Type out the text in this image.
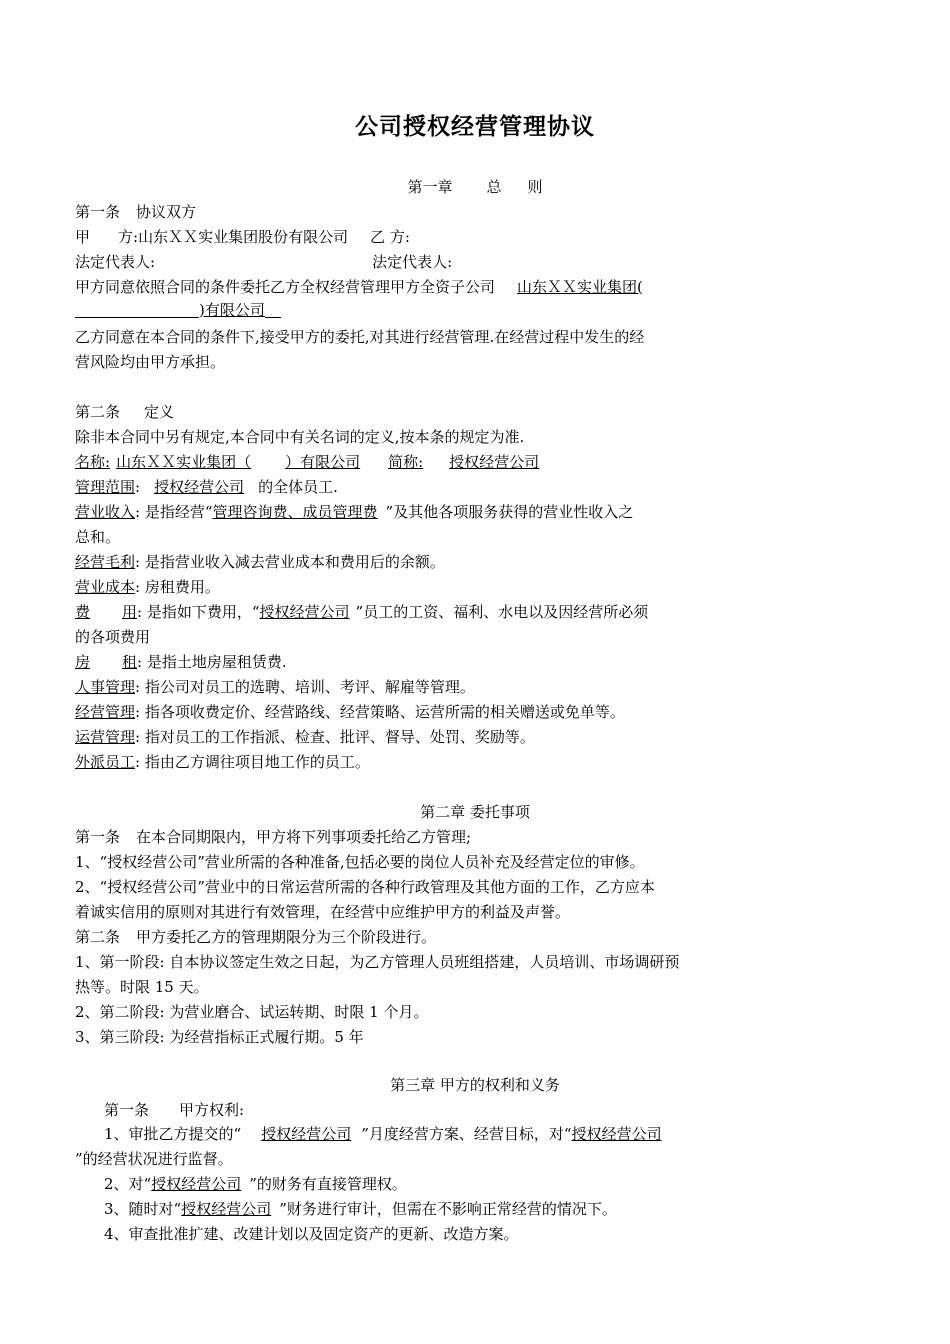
公司授权经营管理协议
第一章 总 则
第一条 协议双方
甲 方:山东ＸＸ实业集团股份有限公司 乙 方:
法定代表人:	法定代表人:
甲方同意依照合同的条件委托乙方全权经营管理甲方全资子公司 山东ＸＸ实业集团(
)有限公司
乙方同意在本合同的条件下,接受甲方的委托,对其进行经营管理.在经营过程中发生的经
营风险均由甲方承担。
第二条 定义
除非本合同中另有规定,本合同中有关名词的定义,按本条的规定为准.
名称: 山东ＸＸ实业集团（ ）有限公司 简称: 授权经营公司
管理范围: 授权经营公司 的全体员工.
营业收入: 是指经营“管理咨询费、成员管理费 ”及其他各项服务获得的营业性收入之
总和。
经营毛利: 是指营业收入减去营业成本和费用后的余额。
营业成本: 房租费用。
费 用: 是指如下费用，“授权经营公司 ”员工的工资、福利、水电以及因经营所必须
的各项费用
房 租: 是指土地房屋租赁费.
人事管理: 指公司对员工的选聘、培训、考评、解雇等管理。
经营管理: 指各项收费定价、经营路线、经营策略、运营所需的相关赠送或免单等。
运营管理: 指对员工的工作指派、检查、批评、督导、处罚、奖励等。
外派员工: 指由乙方调往项目地工作的员工。
第二章 委托事项
第一条 在本合同期限内，甲方将下列事项委托给乙方管理;
1、“授权经营公司”营业所需的各种准备,包括必要的岗位人员补充及经营定位的审修。
2、“授权经营公司”营业中的日常运营所需的各种行政管理及其他方面的工作，乙方应本
着诚实信用的原则对其进行有效管理，在经营中应维护甲方的利益及声誉。
第二条 甲方委托乙方的管理期限分为三个阶段进行。
1、第一阶段: 自本协议签定生效之日起，为乙方管理人员班组搭建，人员培训、市场调研预
热等。时限 15 天。
2、第二阶段: 为营业磨合、试运转期、时限 1 个月。
3、第三阶段: 为经营指标正式履行期。5 年
第三章 甲方的权利和义务
第一条 甲方权利:
1、审批乙方提交的“ 授权经营公司 ”月度经营方案、经营目标，对“授权经营公司
”的经营状况进行监督。
2、对“授权经营公司 ”的财务有直接管理权。
3、随时对“授权经营公司 ”财务进行审计，但需在不影响正常经营的情况下。
4、审查批准扩建、改建计划以及固定资产的更新、改造方案。
